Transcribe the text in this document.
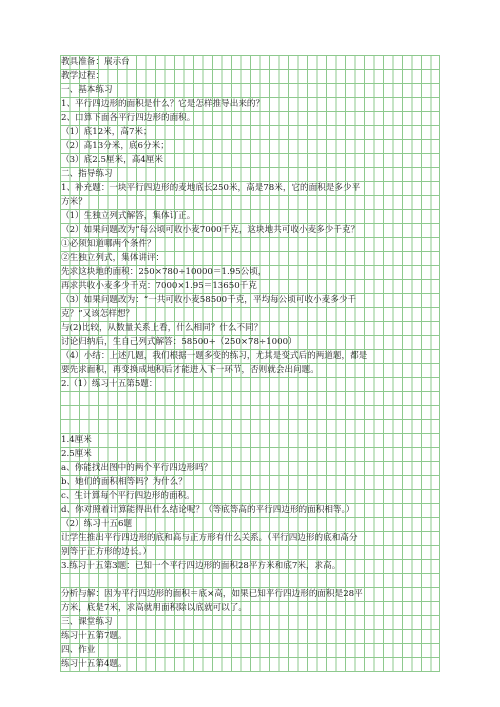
教具准备：展示台
教学过程：
一、基本练习
1、平行四边形的面积是什么？它是怎样推导出来的？
2、口算下面各平行四边形的面积。
（1）底12米，高7米；
（2）高13分米，底6分米；
（3）底2.5厘米，高4厘米
二、指导练习
1、补充题：一块平行四边形的麦地底长250米，高是78米，它的面积是多少平
方米？
（1）生独立列式解答，集体订正。
（2）如果问题改为“每公顷可收小麦7000千克，这块地共可收小麦多少千克？
①必须知道哪两个条件？
②生独立列式，集体讲评：
先求这块地的面积：250×780÷10000＝1.95公顷，
再求共收小麦多少千克：7000×1.95＝13650千克
（3）如果问题改为：“一共可收小麦58500千克，平均每公顷可收小麦多少千
克？”又该怎样想？
与(2)比较，从数量关系上看，什么相同？什么不同？
讨论归纳后，生自己列式解答：58500÷（250×78÷1000）
（4）小结：上述几题，我们根据一题多变的练习，尤其是变式后的两道题，都是
要先求面积，再变换成地积后才能进入下一环节，否则就会出问题。
2.（1）练习十五第5题：
1.4厘米
2.5厘米
a、你能找出图中的两个平行四边形吗？
b、她们的面积相等吗？为什么？
c、生计算每个平行四边形的面积。
d、你对照着计算能得出什么结论呢？（等底等高的平行四边形的面积相等。）
（2）练习十五6题
让学生推出平行四边形的底和高与正方形有什么关系。（平行四边形的底和高分
别等于正方形的边长。）
3.练习十五第3题：已知一个平行四边形的面积28平方米和底7米，求高。
分析与解：因为平行四边形的面积＝底×高，如果已知平行四边形的面积是28平
方米，底是7米，求高就用面积除以底就可以了。
三、课堂练习
练习十五第7题。
四、作业
练习十五第4题。
